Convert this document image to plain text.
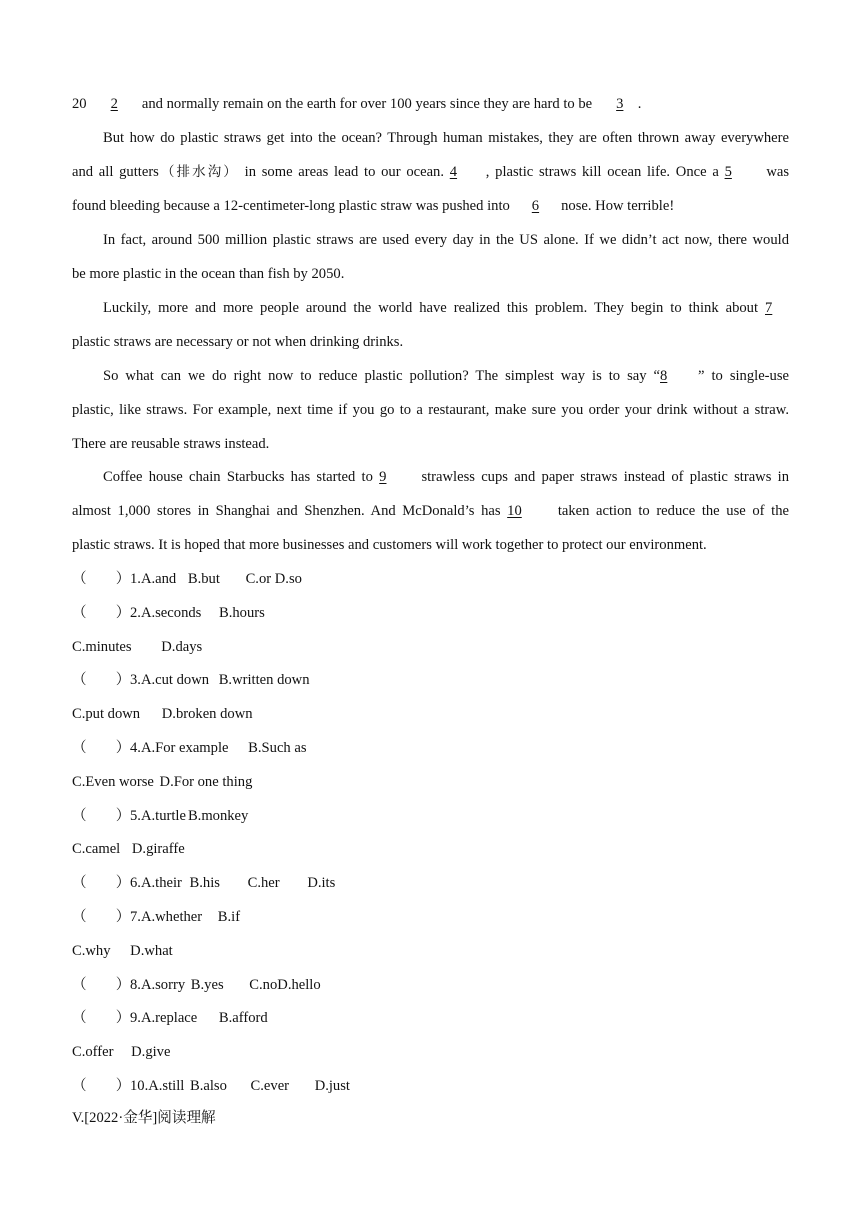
20 2 and normally remain on the earth for over 100 years since they are hard to be 3 .
But how do plastic straws get into the ocean? Through human mistakes, they are often thrown away everywhere
and all gutters（排水沟） in some areas lead to our ocean. 4 , plastic straws kill ocean life. Once a 5 was
found bleeding because a 12-centimeter-long plastic straw was pushed into 6 nose. How terrible!
In fact, around 500 million plastic straws are used every day in the US alone. If we didn’t act now, there would
be more plastic in the ocean than fish by 2050.
Luckily, more and more people around the world have realized this problem. They begin to think about 7
plastic straws are necessary or not when drinking drinks.
So what can we do right now to reduce plastic pollution? The simplest way is to say “8 ” to single-use
plastic, like straws. For example, next time if you go to a restaurant, make sure you order your drink without a straw.
There are reusable straws instead.
Coffee house chain Starbucks has started to 9 strawless cups and paper straws instead of plastic straws in
almost 1,000 stores in Shanghai and Shenzhen. And McDonald’s has 10 taken action to reduce the use of the
plastic straws. It is hoped that more businesses and customers will work together to protect our environment.
（　　）1.A.and B.but C.or D.so
（　　）2.A.seconds B.hours
C.minutes D.days
（　　）3.A.cut down B.written down
C.put down D.broken down
（　　）4.A.For example B.Such as
C.Even worse D.For one thing
（　　）5.A.turtle B.monkey
C.camel D.giraffe
（　　）6.A.their B.his C.her D.its
（　　）7.A.whether B.if
C.why D.what
（　　）8.A.sorry B.yes C.noD.hello
（　　）9.A.replace B.afford
C.offer D.give
（　　）10.A.still B.also C.ever D.just
V.[2022·金华]阅读理解
